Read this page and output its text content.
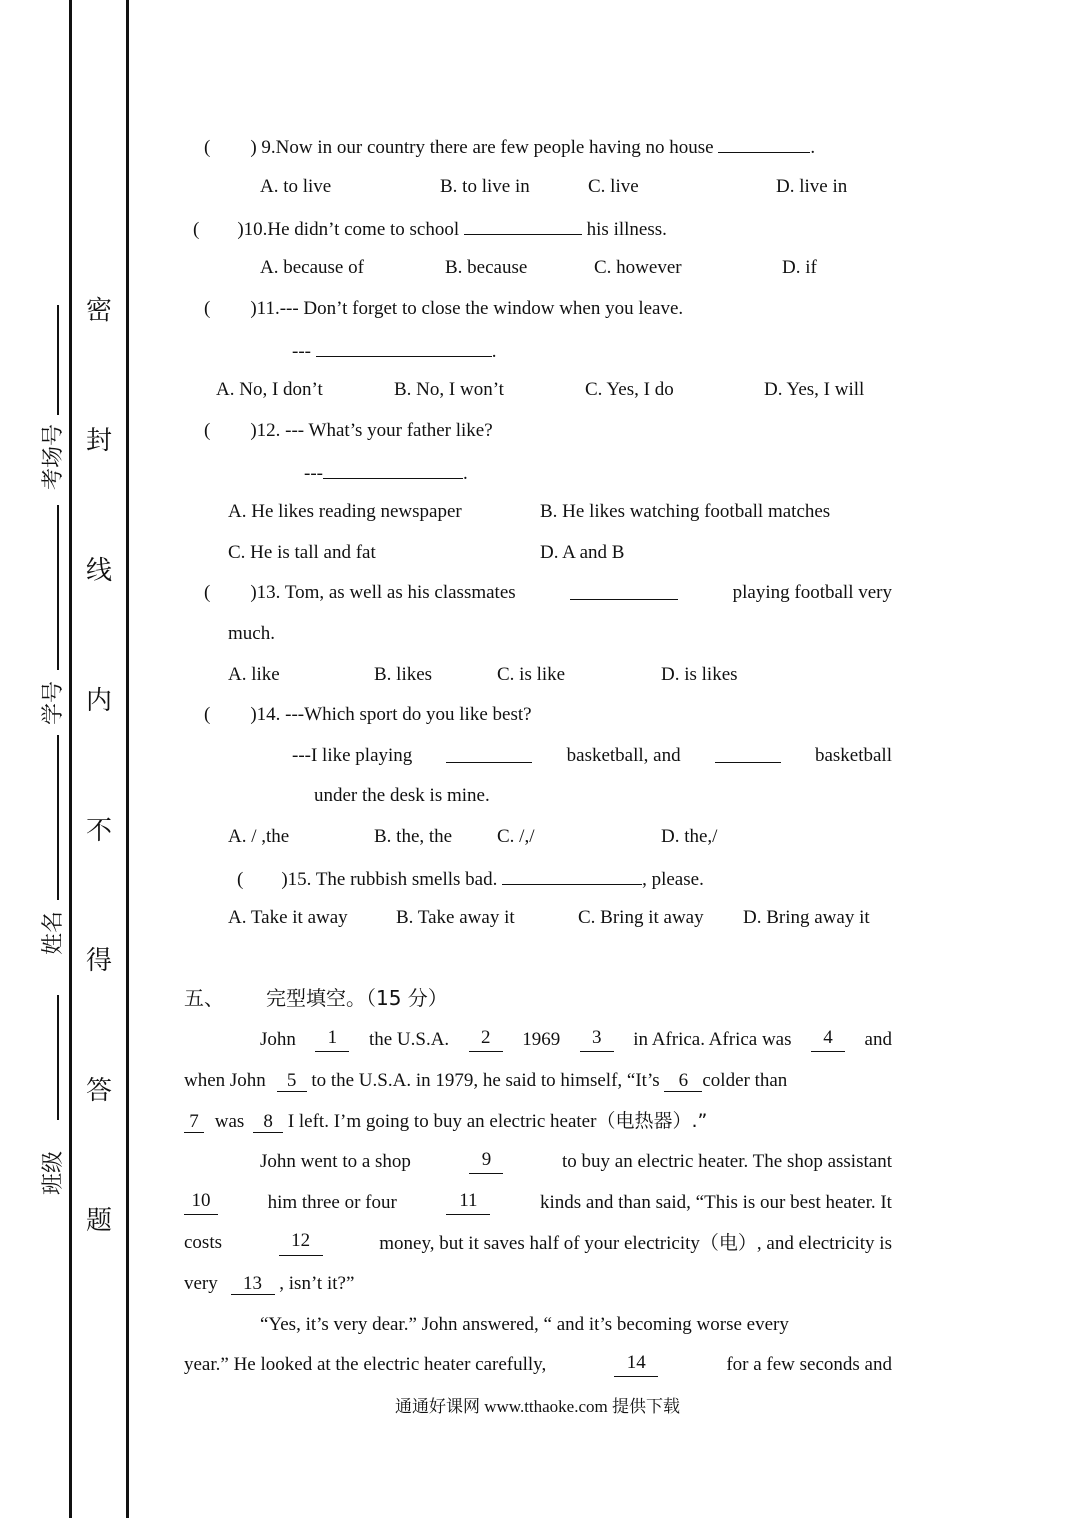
密
封
线
内
不
得
答
题
考场号
学号
姓名
班级
( ) 9.Now in our country there are few people having no house	.
A. to live	B. to live in	C. live	D. live in
( )10.He didn’t come to school	his illness.
A. because of	B. because	C. however	D. if
( )11.--- Don’t forget to close the window when you leave.
---	.
A. No, I don’t	B. No, I won’t	C. Yes, I do	D. Yes, I will
( )12. --- What’s your father like?
---	.
A. He likes reading newspaper	B. He likes watching football matches
C. He is tall and fat	D. A and B
( )13. Tom, as well as his classmates	playing football very
much.
A. like	B. likes	C. is like	D. is likes
( )14. ---Which sport do you like best?
---I like playing	basketball, and	basketball
under the desk is mine.
A. / ,the	B. the, the C. /,/	D. the,/
( )15. The rubbish smells bad.	, please.
A. Take it away	B. Take away it	C. Bring it away D. Bring away it
五、 完型填空。（15 分）
John	1	the U.S.A.	2	1969	3	in Africa. Africa was	4	and
when John 5 to the U.S.A. in 1979, he said to himself, “It’s 6 colder than
7 was 8 I left. I’m going to buy an electric heater（电热器）.”
John went to a shop	9	to buy an electric heater. The shop assistant
10	him three or four	11	kinds and than said, “This is our best heater. It
costs	12	money, but it saves half of your electricity（电）, and electricity is
very 13 , isn’t it?”
“Yes, it’s very dear.” John answered, “ and it’s becoming worse every
year.” He looked at the electric heater carefully,	14	for a few seconds and
通通好课网 www.tthaoke.com 提供下载
